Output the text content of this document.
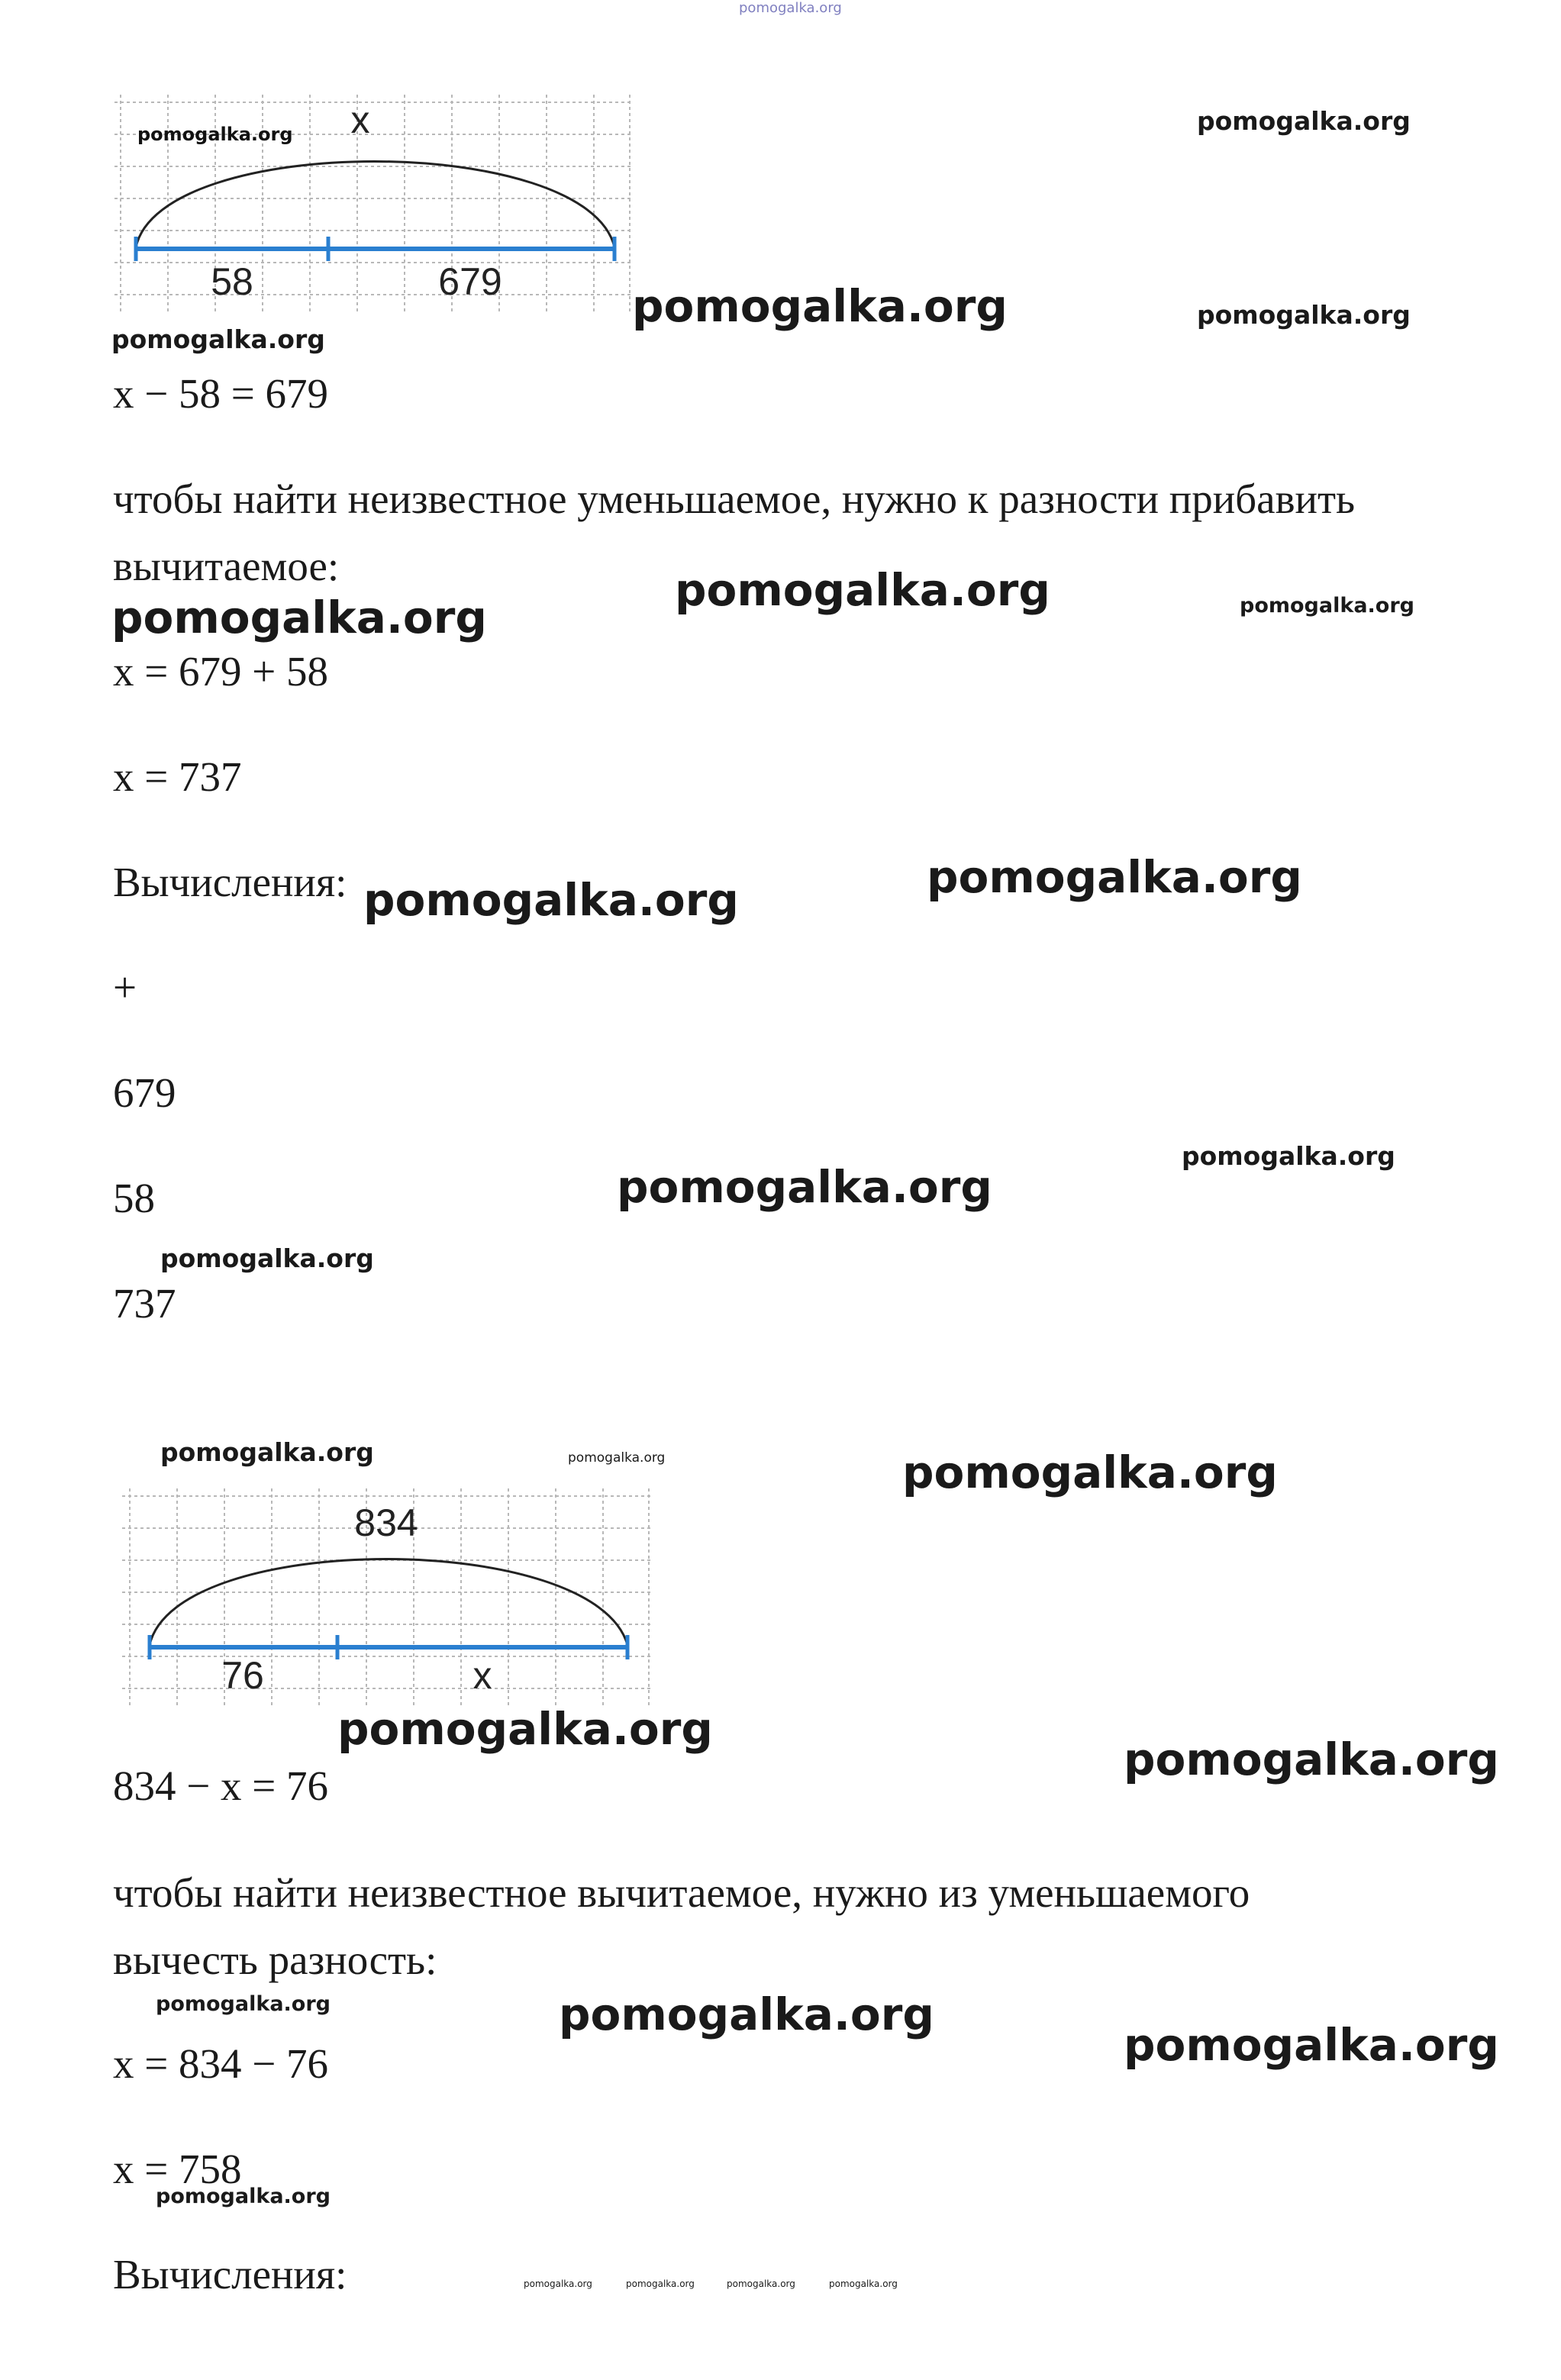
pomogalka.org
pomogalka.org x
58	679
x − 58 = 679
чтобы найти неизвестное уменьшаемое, нужно к разности прибавить
вычитаемое:
x = 679 + 58
x = 737
Вычисления:
+
679
58
737
834
76	x
834 − x = 76
чтобы найти неизвестное вычитаемое, нужно из уменьшаемого
вычесть разность:
x = 834 − 76
x = 758
Вычисления:
pomogalka.org
pomogalka.org	pomogalka.org
pomogalka.org
pomogalka.org	pomogalka.org
pomogalka.org
pomogalka.org
pomogalka.org
pomogalka.org
pomogalka.org
pomogalka.org
pomogalka.org	pomogalka.org	pomogalka.org
pomogalka.org
pomogalka.org
pomogalka.org	pomogalka.org
pomogalka.org
pomogalka.org
pomogalka.org	pomogalka.org	pomogalka.org	pomogalka.org
